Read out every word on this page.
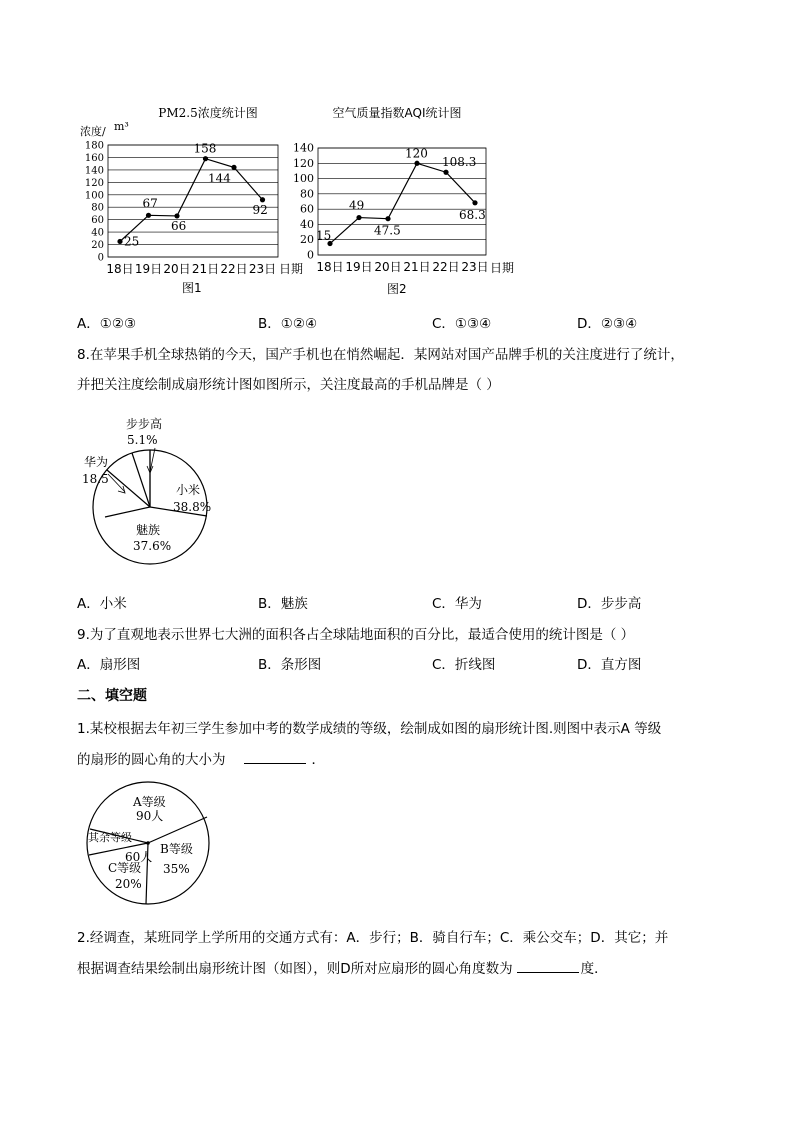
PM2.5浓度统计图
浓度/ m³
0
20
40
60
80
100
120
140
160
180
18日 19日 20日 21日 22日 23日
25
67
66
158
144
92
日期
图1
空气质量指数AQI统计图
0
20
40
60
80
100
120
140
18日 19日 20日 21日 22日 23日
15
49
47.5
120
108.3
68.3
日期
图2
A．①②③	B．①②④	C．①③④	D．②③④
8.在苹果手机全球热销的今天，国产手机也在悄然崛起．某网站对国产品牌手机的关注度进行了统计，
并把关注度绘制成扇形统计图如图所示，关注度最高的手机品牌是（ ）
步步高
5.1%
华为
18.5
小米
38.8%
魅族
37.6%
A．小米	B．魅族	C．华为	D．步步高
9.为了直观地表示世界七大洲的面积各占全球陆地面积的百分比，最适合使用的统计图是（ ）
A．扇形图	B．条形图	C．折线图	D．直方图
二、填空题
1.某校根据去年初三学生参加中考的数学成绩的等级，绘制成如图的扇形统计图.则图中表示A 等级
的扇形的圆心角的大小为	．
A等级
90人
其余等级
60人
B等级
35%
C等级
20%
2.经调查，某班同学上学所用的交通方式有：A．步行；B．骑自行车；C．乘公交车；D．其它；并
根据调查结果绘制出扇形统计图（如图），则D所对应扇形的圆心角度数为	度．
